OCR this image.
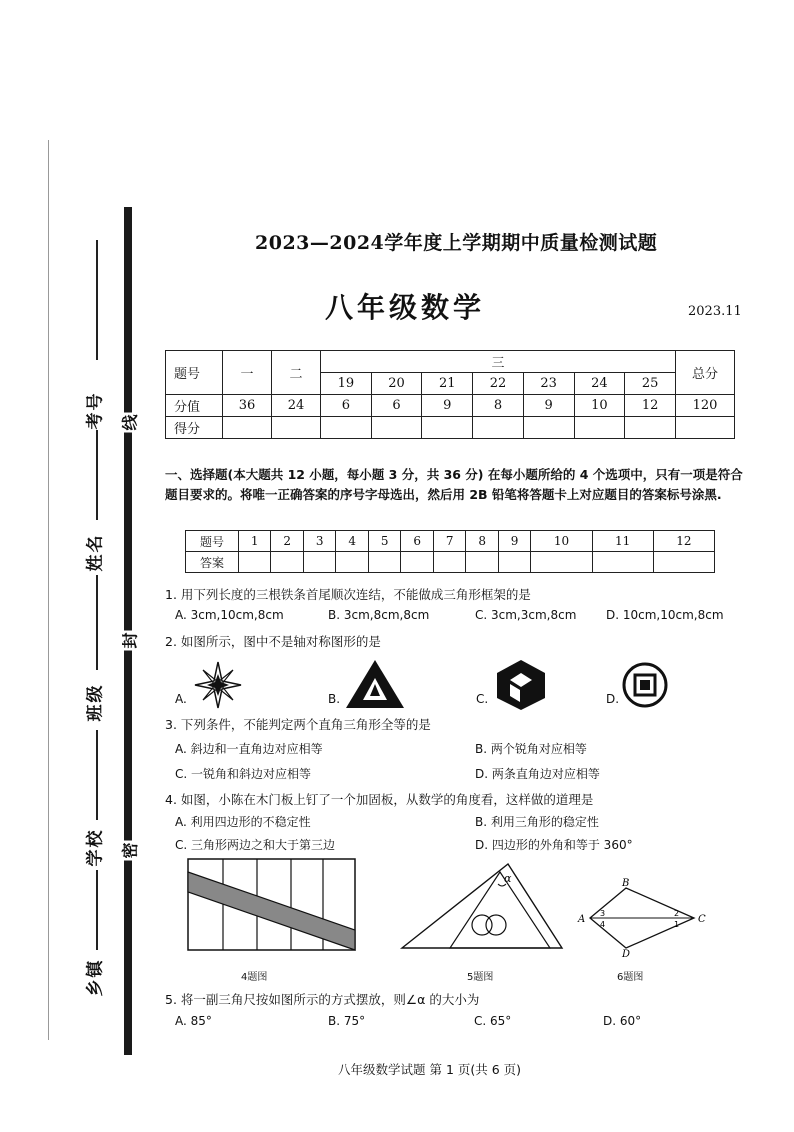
考号
姓名
班级
学校
乡镇
线
封
密
2023—2024学年度上学期期中质量检测试题
八年级数学	2023.11
题号	一	二	三							总分
			19	20	21	22	23	24	25	
分值	36	24	6	6	9	8	9	10	12	120
得分										
一、选择题(本大题共 12 小题，每小题 3 分，共 36 分) 在每小题所给的 4 个选项中，只有一项是符合题目要求的。将唯一正确答案的序号字母选出，然后用 2B 铅笔将答题卡上对应题目的答案标号涂黑.
题号	1	2	3	4	5	6	7	8	9	10	11	12
答案												
1. 用下列长度的三根铁条首尾顺次连结，不能做成三角形框架的是
A. 3cm,10cm,8cm	B. 3cm,8cm,8cm	C. 3cm,3cm,8cm D. 10cm,10cm,8cm
2. 如图所示，图中不是轴对称图形的是
A.	B.	C.	D.
3. 下列条件，不能判定两个直角三角形全等的是
A. 斜边和一直角边对应相等	B. 两个锐角对应相等
C. 一锐角和斜边对应相等	D. 两条直角边对应相等
4. 如图，小陈在木门板上钉了一个加固板，从数学的角度看，这样做的道理是
A. 利用四边形的不稳定性	B. 利用三角形的稳定性
C. 三角形两边之和大于第三边	D. 四边形的外角和等于 360°
4题图
α
5题图
A
B
C
D
3
4
2
1
6题图
5. 将一副三角尺按如图所示的方式摆放，则∠α 的大小为
A. 85°	B. 75°	C. 65°	D. 60°
八年级数学试题 第 1 页(共 6 页)
